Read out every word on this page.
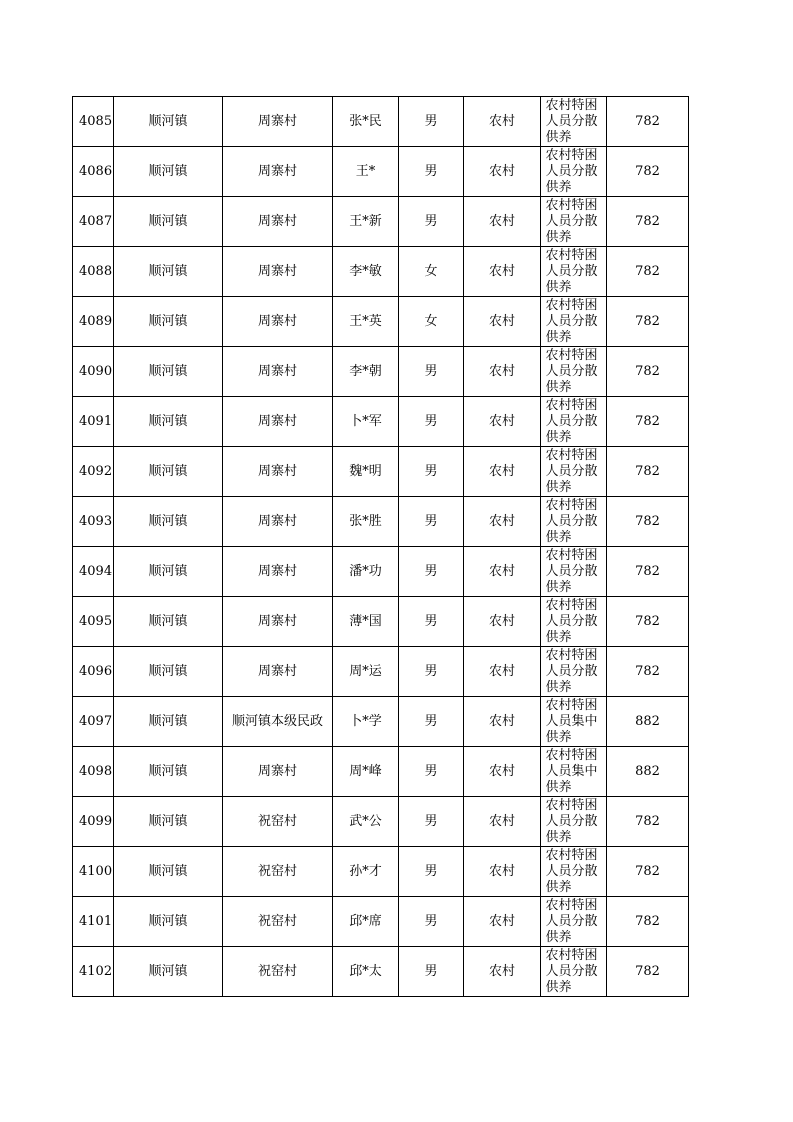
4085	顺河镇	周寨村	张*民	男	农村	农村特困人员分散供养	782
4086	顺河镇	周寨村	王*	男	农村	农村特困人员分散供养	782
4087	顺河镇	周寨村	王*新	男	农村	农村特困人员分散供养	782
4088	顺河镇	周寨村	李*敏	女	农村	农村特困人员分散供养	782
4089	顺河镇	周寨村	王*英	女	农村	农村特困人员分散供养	782
4090	顺河镇	周寨村	李*朝	男	农村	农村特困人员分散供养	782
4091	顺河镇	周寨村	卜*军	男	农村	农村特困人员分散供养	782
4092	顺河镇	周寨村	魏*明	男	农村	农村特困人员分散供养	782
4093	顺河镇	周寨村	张*胜	男	农村	农村特困人员分散供养	782
4094	顺河镇	周寨村	潘*功	男	农村	农村特困人员分散供养	782
4095	顺河镇	周寨村	薄*国	男	农村	农村特困人员分散供养	782
4096	顺河镇	周寨村	周*运	男	农村	农村特困人员分散供养	782
4097	顺河镇	顺河镇本级民政	卜*学	男	农村	农村特困人员集中供养	882
4098	顺河镇	周寨村	周*峰	男	农村	农村特困人员集中供养	882
4099	顺河镇	祝窑村	武*公	男	农村	农村特困人员分散供养	782
4100	顺河镇	祝窑村	孙*才	男	农村	农村特困人员分散供养	782
4101	顺河镇	祝窑村	邱*席	男	农村	农村特困人员分散供养	782
4102	顺河镇	祝窑村	邱*太	男	农村	农村特困人员分散供养	782
